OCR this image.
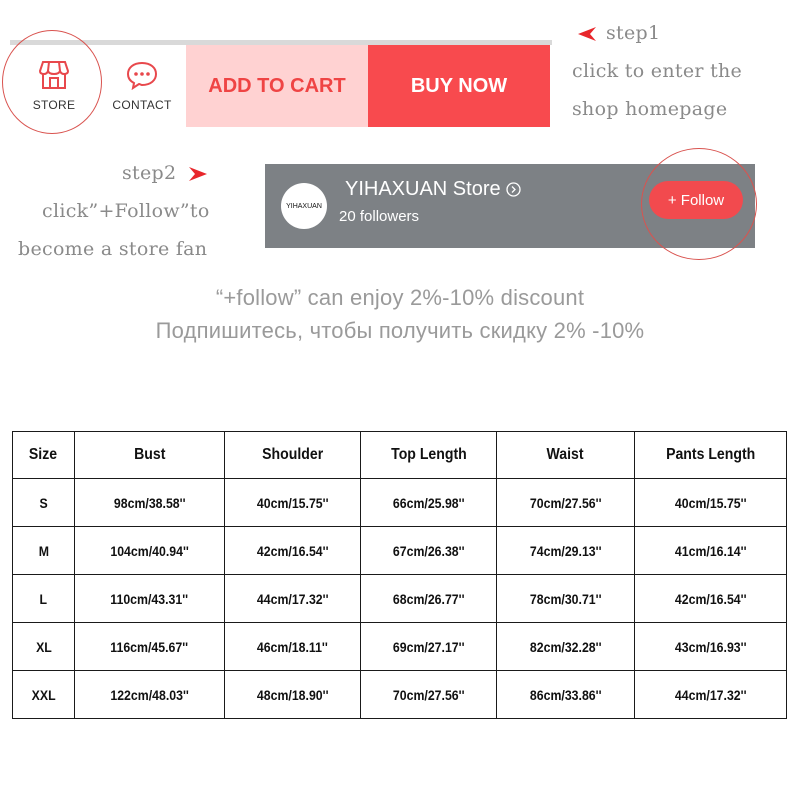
STORE	CONTACT
ADD TO CART	BUY NOW
step1
click to enter the
shop homepage
step2
click”+Follow”to
become a store fan
YIHAXUAN
YIHAXUAN Store
20 followers
+ Follow
“+follow” can enjoy 2%-10% discount
Подпишитесь, чтобы получить скидку 2% -10%
Size	Bust	Shoulder	Top Length	Waist	Pants Length
S	98cm/38.58''	40cm/15.75''	66cm/25.98''	70cm/27.56''	40cm/15.75''
M	104cm/40.94''	42cm/16.54''	67cm/26.38''	74cm/29.13''	41cm/16.14''
L	110cm/43.31''	44cm/17.32''	68cm/26.77''	78cm/30.71''	42cm/16.54''
XL	116cm/45.67''	46cm/18.11''	69cm/27.17''	82cm/32.28''	43cm/16.93''
XXL	122cm/48.03''	48cm/18.90''	70cm/27.56''	86cm/33.86''	44cm/17.32''
